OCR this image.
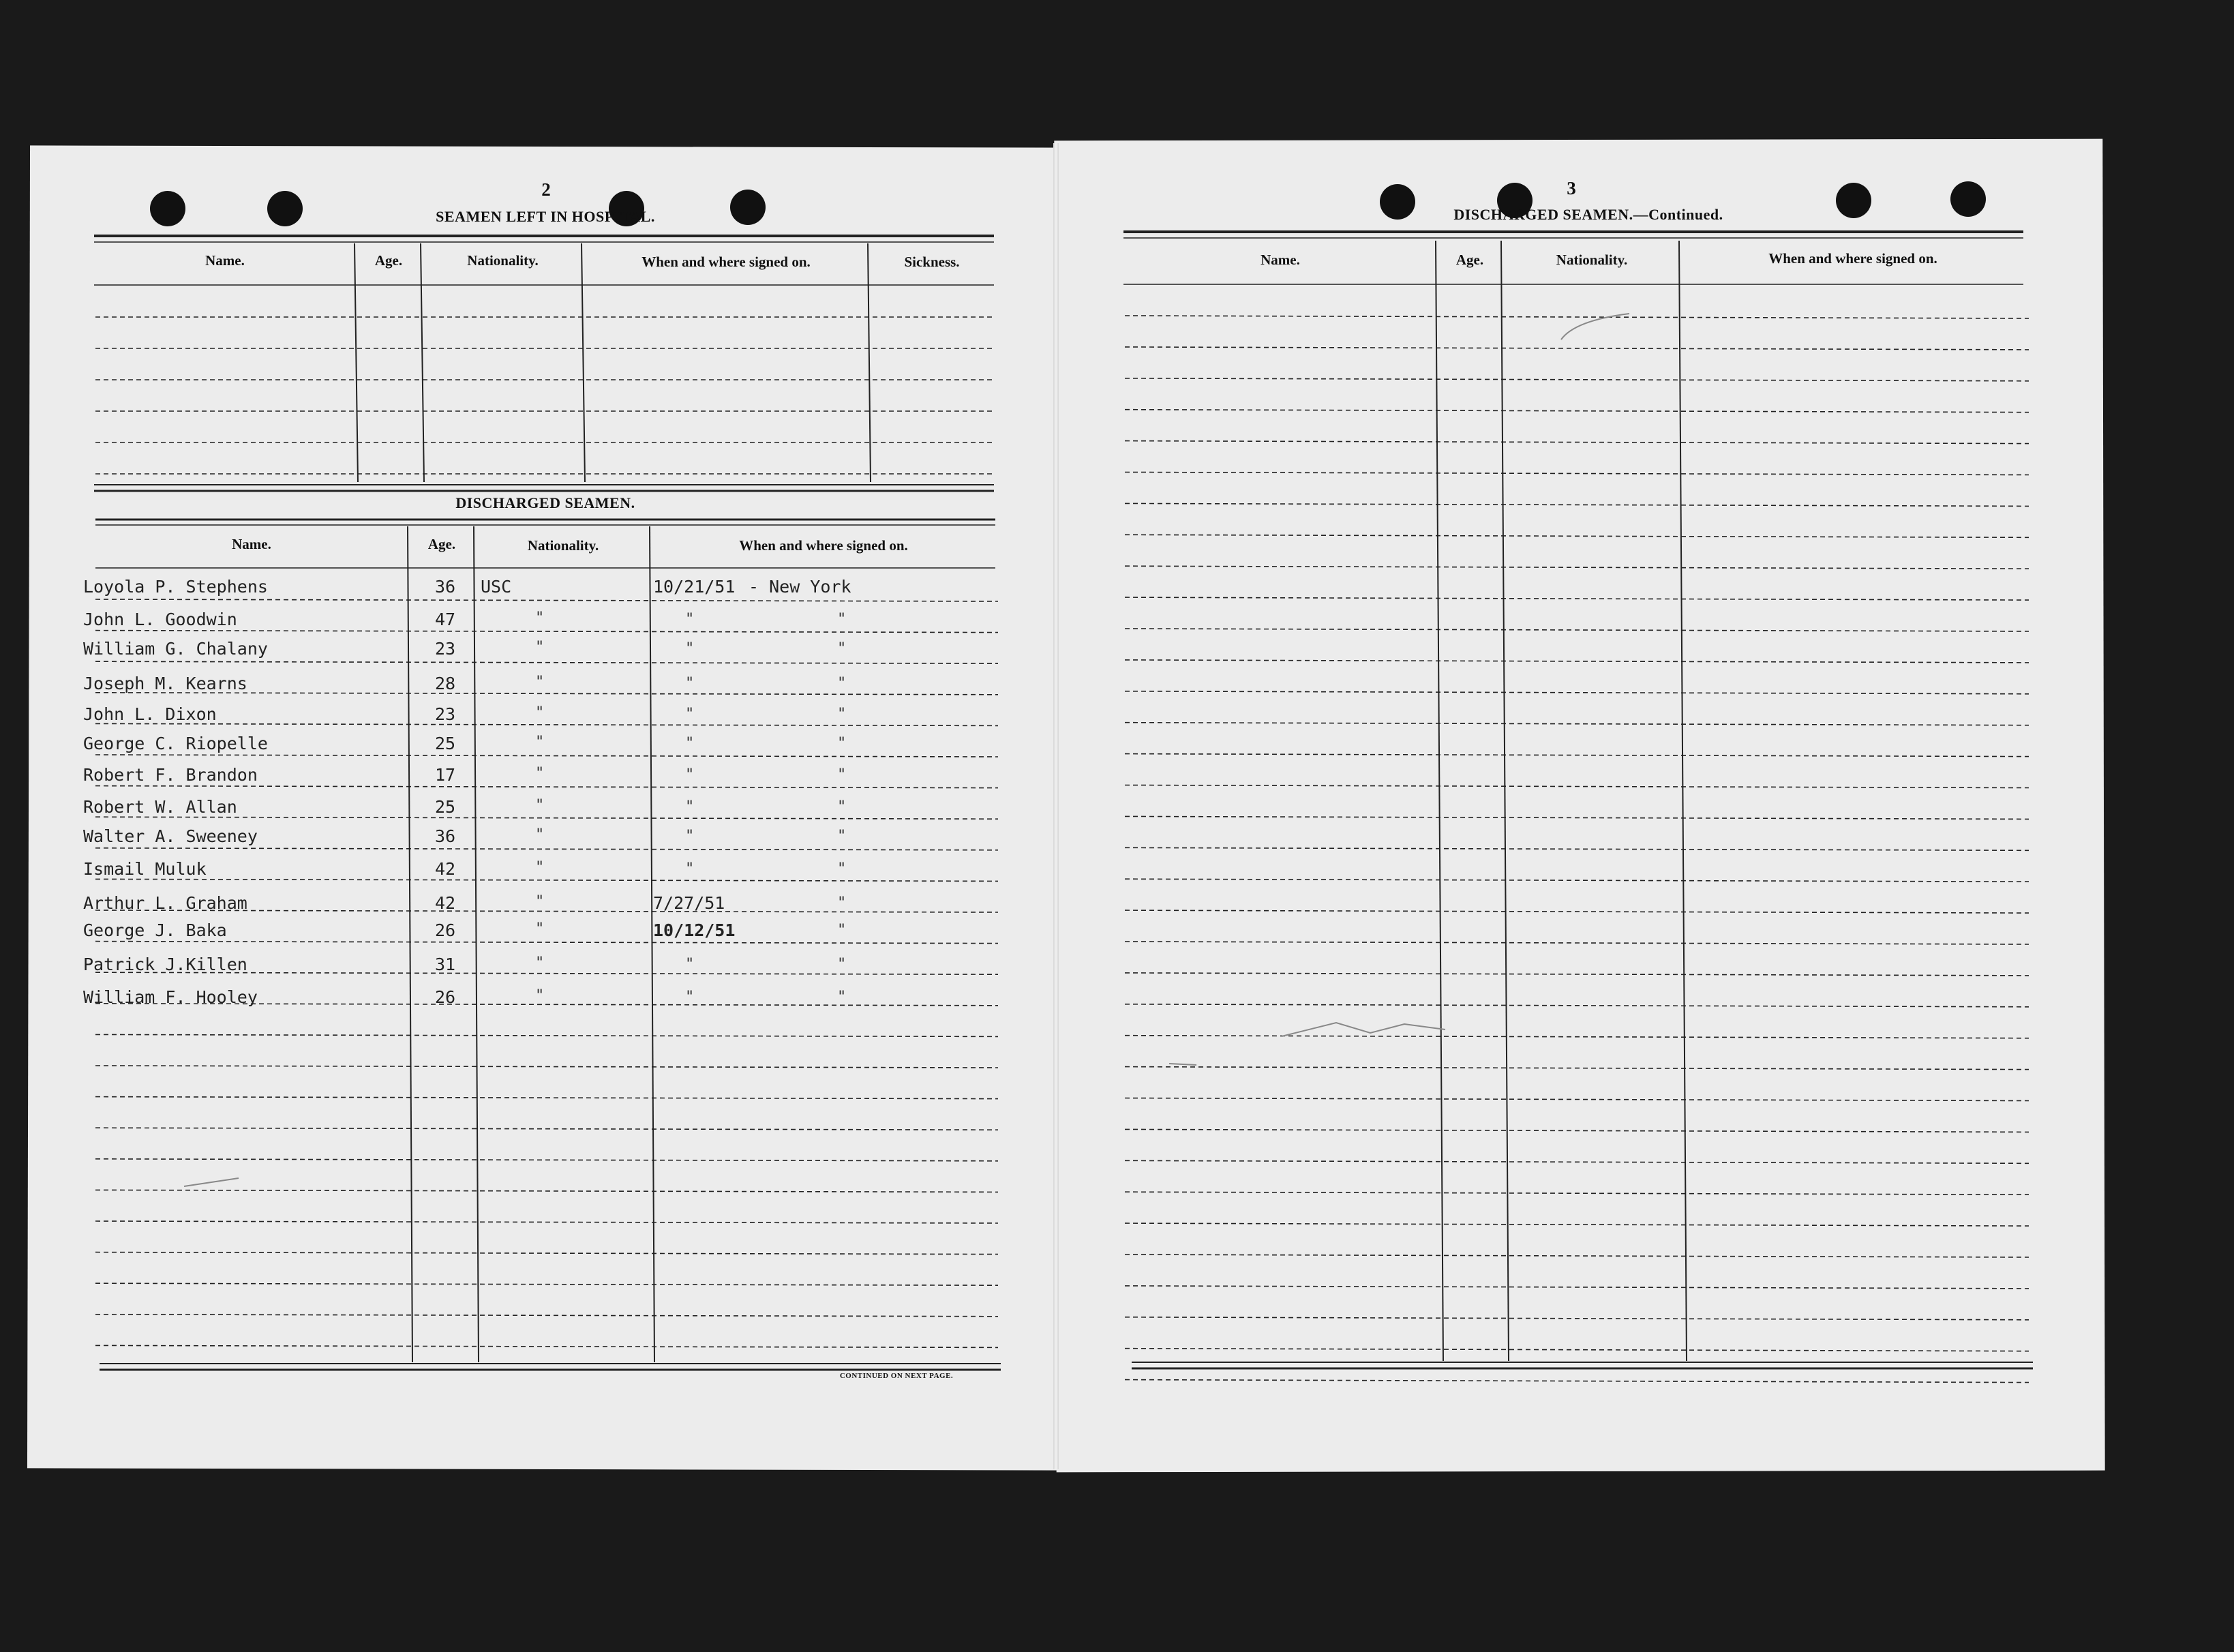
2
SEAMEN LEFT IN HOSPITAL.
Name.	Age.	Nationality.	When and where signed on.	Sickness.
DISCHARGED SEAMEN.
Name.	Age.	Nationality.	When and where signed on.
CONTINUED ON NEXT PAGE.
Loyola P. Stephens	36 USC	10/21/51 - New York
John L. Goodwin	47	"	"	"
William G. Chalany	23	"	"	"
Joseph M. Kearns	28	"	"	"
John L. Dixon	23	"	"	"
George C. Riopelle	25	"	"	"
Robert F. Brandon	17	"	"	"
Robert W. Allan	25	"	"	"
Walter A. Sweeney	36	"	"	"
Ismail Muluk	42	"	"	"
Arthur L. Graham	42	"	7/27/51	"
George J. Baka	26	"	10/12/51	"
Patrick J.Killen	31	"	"	"
William F. Hooley	26	"	"	"
3
DISCHARGED SEAMEN.—Continued.
Name.	Age.	Nationality.	When and where signed on.
